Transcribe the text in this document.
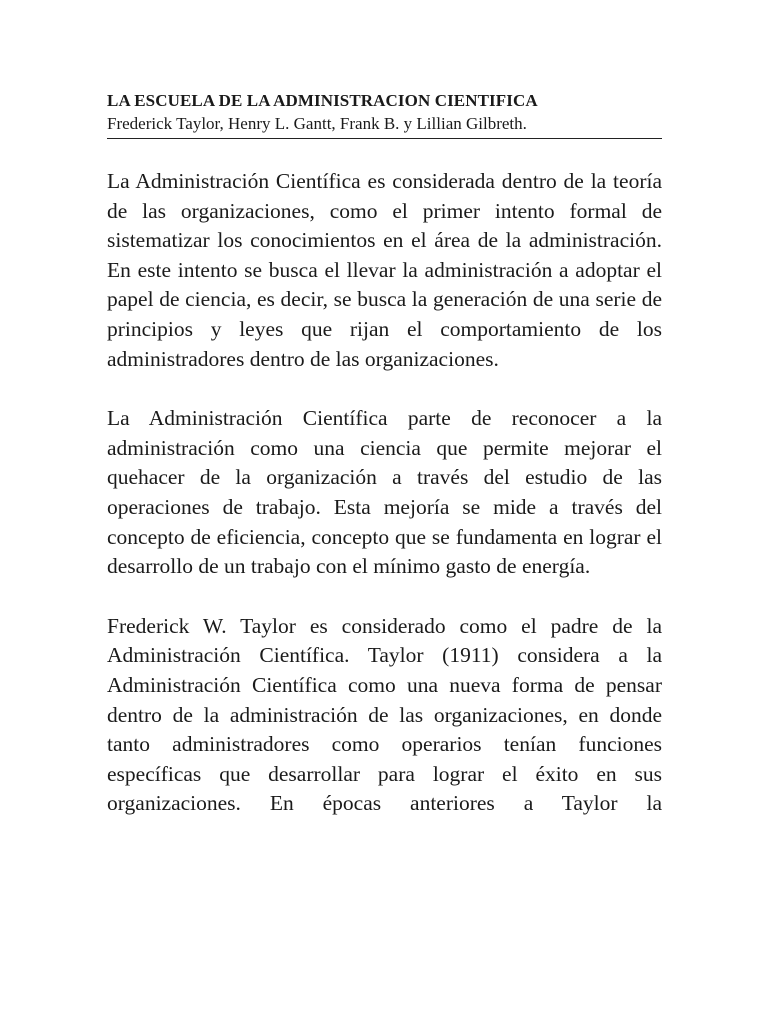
LA ESCUELA DE LA ADMINISTRACION CIENTIFICA
Frederick Taylor, Henry L. Gantt, Frank B. y Lillian Gilbreth.

La Administración Científica es considerada dentro de la teoría de las organizaciones, como el primer intento formal de sistematizar los conocimientos en el área de la administración. En este intento se busca el llevar la administración a adoptar el papel de ciencia, es decir, se busca la generación de una serie de principios y leyes que rijan el comportamiento de los administradores dentro de las organizaciones.

La Administración Científica parte de reconocer a la administración como una ciencia que permite mejorar el quehacer de la organización a través del estudio de las operaciones de trabajo. Esta mejoría se mide a través del concepto de eficiencia, concepto que se fundamenta en lograr el desarrollo de un trabajo con el mínimo gasto de energía.

Frederick W. Taylor es considerado como el padre de la Administración Científica. Taylor (1911) considera a la Administración Científica como una nueva forma de pensar dentro de la administración de las organizaciones, en donde tanto administradores como operarios tenían funciones específicas que desarrollar para lograr el éxito en sus organizaciones. En épocas anteriores a Taylor la
